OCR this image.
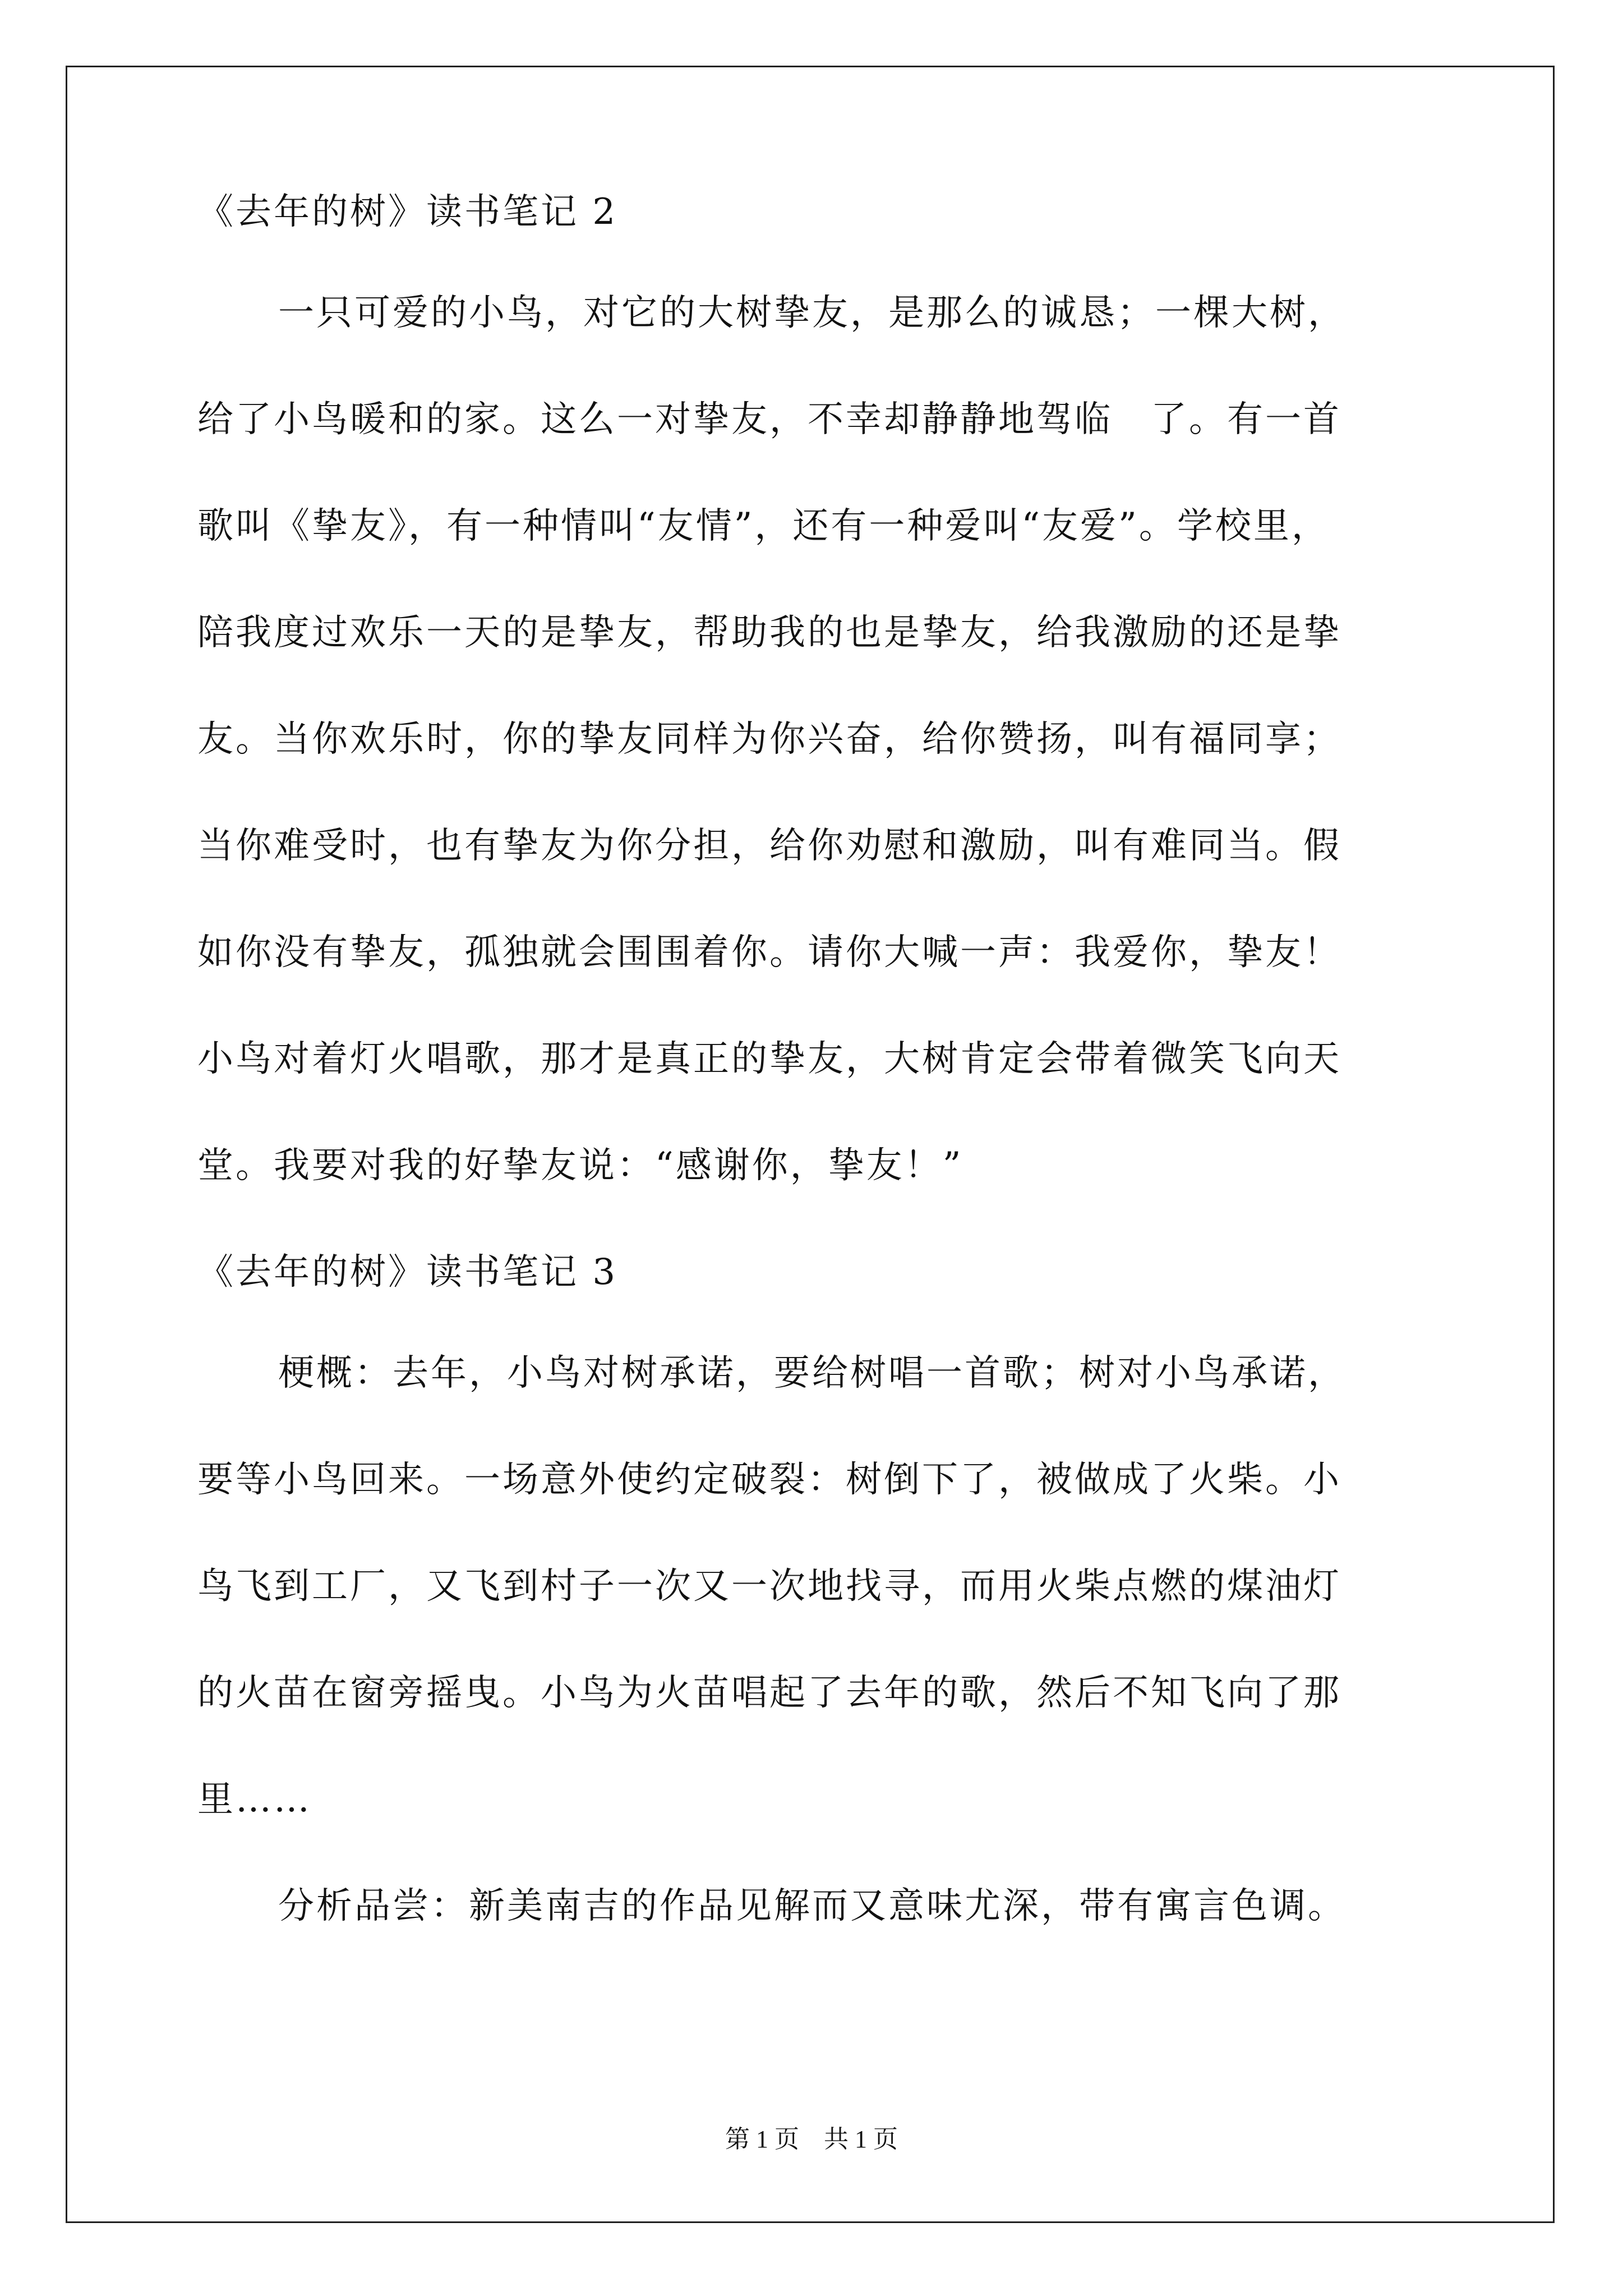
《去年的树》读书笔记 2
一只可爱的小鸟，对它的大树挚友，是那么的诚恳；一棵大树，
给了小鸟暖和的家。这么一对挚友，不幸却静静地驾临　了。有一首
歌叫《挚友》，有一种情叫“友情”，还有一种爱叫“友爱”。学校里，
陪我度过欢乐一天的是挚友，帮助我的也是挚友，给我激励的还是挚
友。当你欢乐时，你的挚友同样为你兴奋，给你赞扬，叫有福同享；
当你难受时，也有挚友为你分担，给你劝慰和激励，叫有难同当。假
如你没有挚友，孤独就会围围着你。请你大喊一声：我爱你，挚友！
小鸟对着灯火唱歌，那才是真正的挚友，大树肯定会带着微笑飞向天
堂。我要对我的好挚友说：“感谢你，挚友！”
《去年的树》读书笔记 3
梗概：去年，小鸟对树承诺，要给树唱一首歌；树对小鸟承诺，
要等小鸟回来。一场意外使约定破裂：树倒下了，被做成了火柴。小
鸟飞到工厂，又飞到村子一次又一次地找寻，而用火柴点燃的煤油灯
的火苗在窗旁摇曳。小鸟为火苗唱起了去年的歌，然后不知飞向了那
里……
分析品尝：新美南吉的作品见解而又意味尤深，带有寓言色调。
第 1 页　共 1 页
